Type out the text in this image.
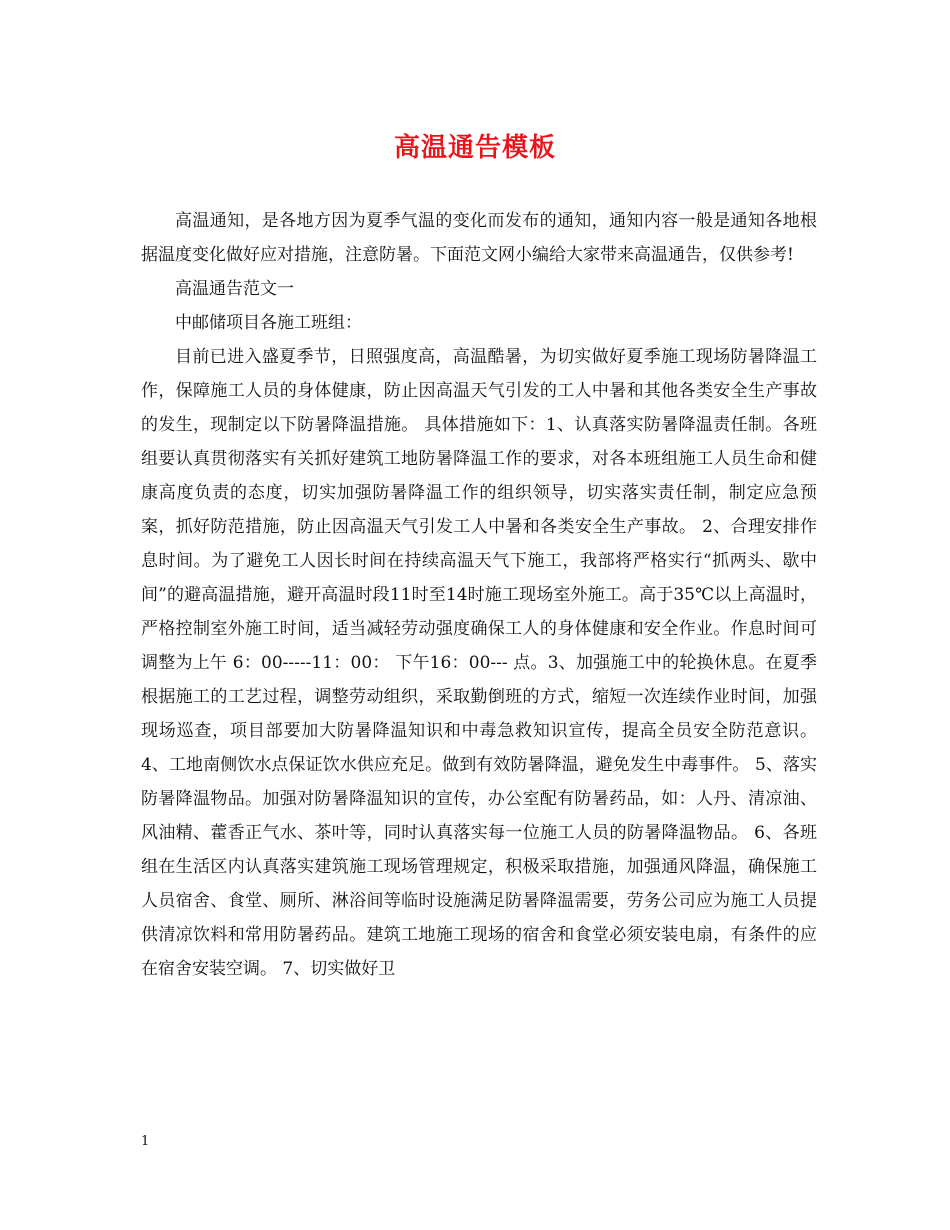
高温通告模板

高温通知，是各地方因为夏季气温的变化而发布的通知，通知内容一般是通知各地根据温度变化做好应对措施，注意防暑。下面范文网小编给大家带来高温通告，仅供参考!

高温通告范文一

中邮储项目各施工班组：

目前已进入盛夏季节，日照强度高，高温酷暑，为切实做好夏季施工现场防暑降温工作，保障施工人员的身体健康，防止因高温天气引发的工人中暑和其他各类安全生产事故的发生，现制定以下防暑降温措施。 具体措施如下：1、认真落实防暑降温责任制。各班组要认真贯彻落实有关抓好建筑工地防暑降温工作的要求，对各本班组施工人员生命和健康高度负责的态度，切实加强防暑降温工作的组织领导，切实落实责任制，制定应急预案，抓好防范措施，防止因高温天气引发工人中暑和各类安全生产事故。 2、合理安排作息时间。为了避免工人因长时间在持续高温天气下施工，我部将严格实行“抓两头、歇中间”的避高温措施，避开高温时段11时至14时施工现场室外施工。高于35℃以上高温时，严格控制室外施工时间，适当减轻劳动强度确保工人的身体健康和安全作业。作息时间可调整为上午 6：00-----11：00： 下午16：00--- 点。3、加强施工中的轮换休息。在夏季根据施工的工艺过程，调整劳动组织，采取勤倒班的方式，缩短一次连续作业时间，加强现场巡查，项目部要加大防暑降温知识和中毒急救知识宣传，提高全员安全防范意识。 4、工地南侧饮水点保证饮水供应充足。做到有效防暑降温，避免发生中毒事件。 5、落实防暑降温物品。加强对防暑降温知识的宣传，办公室配有防暑药品，如：人丹、清凉油、风油精、藿香正气水、茶叶等，同时认真落实每一位施工人员的防暑降温物品。 6、各班组在生活区内认真落实建筑施工现场管理规定，积极采取措施，加强通风降温，确保施工人员宿舍、食堂、厕所、淋浴间等临时设施满足防暑降温需要，劳务公司应为施工人员提供清凉饮料和常用防暑药品。建筑工地施工现场的宿舍和食堂必须安装电扇，有条件的应在宿舍安装空调。 7、切实做好卫

1
